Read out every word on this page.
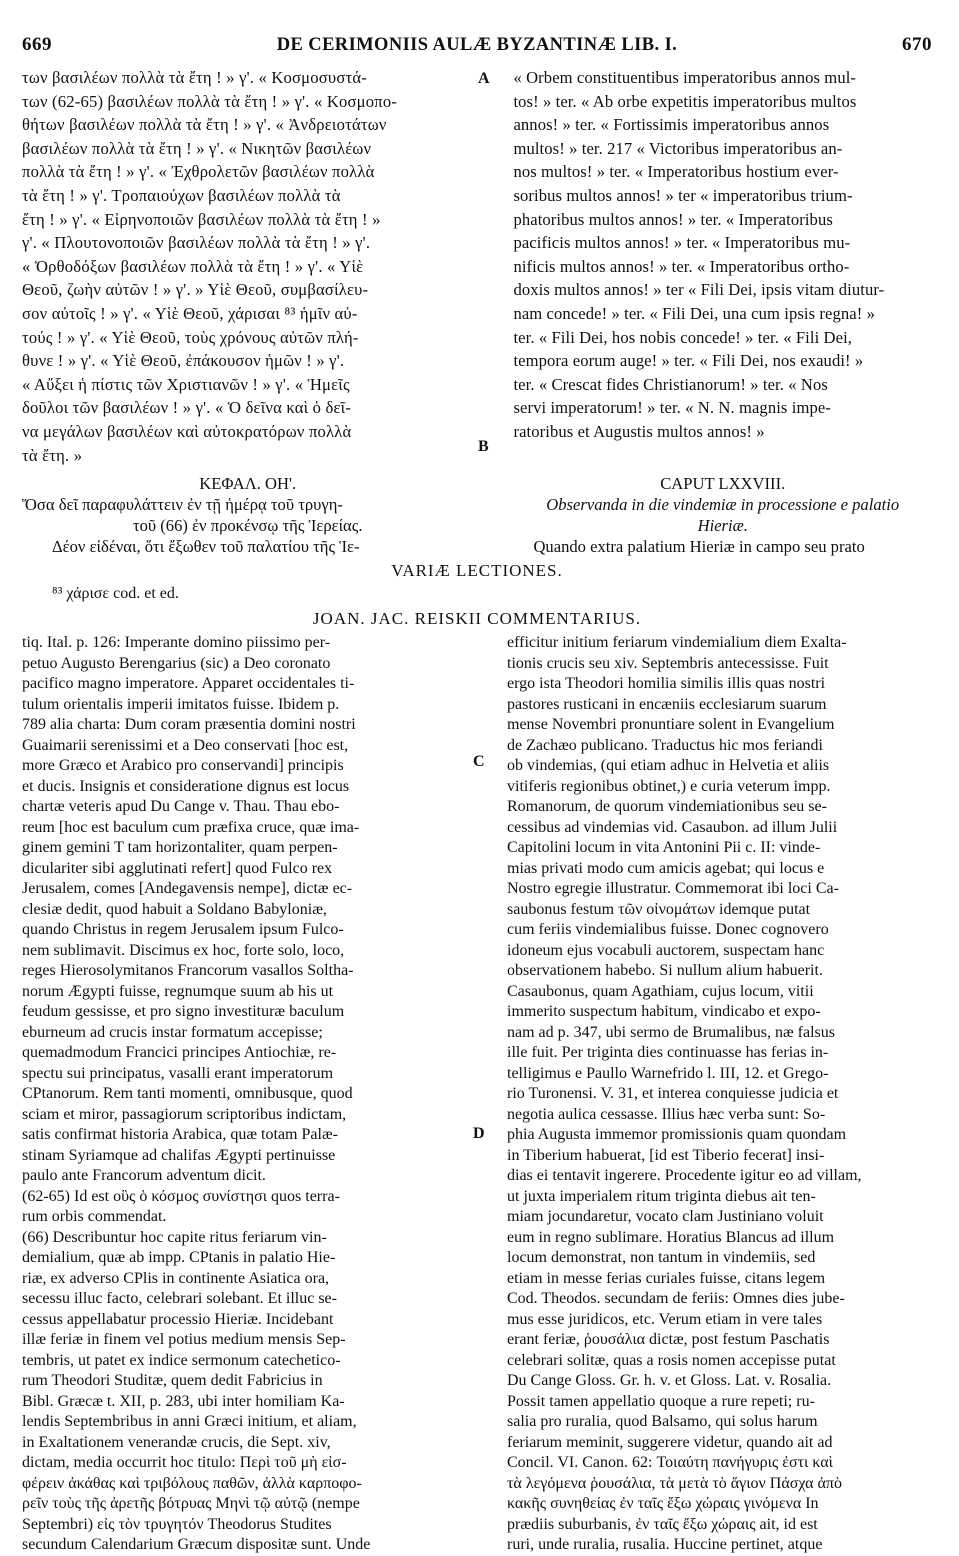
669	DE CERIMONIIS AULÆ BYZANTINÆ LIB. I.	670
των βασιλέων πολλὰ τὰ ἔτη ! » γ'. « Κοσμοσυστά-
των (62-65) βασιλέων πολλὰ τὰ ἔτη ! » γ'. « Κοσμοπο-
θήτων βασιλέων πολλὰ τὰ ἔτη ! » γ'. « Ἀνδρειοτάτων
βασιλέων πολλὰ τὰ ἔτη ! » γ'. « Νικητῶν βασιλέων
πολλὰ τὰ ἔτη ! » γ'. « Ἐχθρολετῶν βασιλέων πολλὰ
τὰ ἔτη ! » γ'. Τροπαιούχων βασιλέων πολλὰ τὰ
ἔτη ! » γ'. « Εἰρηνοποιῶν βασιλέων πολλὰ τὰ ἔτη ! »
γ'. « Πλουτονοποιῶν βασιλέων πολλὰ τὰ ἔτη ! » γ'.
« Ὀρθοδόξων βασιλέων πολλὰ τὰ ἔτη ! » γ'. « Υἱὲ
Θεοῦ, ζωὴν αὐτῶν ! » γ'. » Υἱὲ Θεοῦ, συμβασίλευ-
σον αὐτοῖς ! » γ'. « Υἱὲ Θεοῦ, χάρισαι ⁸³ ἡμῖν αὐ-
τούς ! » γ'. « Υἱὲ Θεοῦ, τοὺς χρόνους αὐτῶν πλή-
θυνε ! » γ'. « Υἱὲ Θεοῦ, ἐπάκουσον ἡμῶν ! » γ'.
« Αὔξει ἡ πίστις τῶν Χριστιανῶν ! » γ'. « Ἡμεῖς
δοῦλοι τῶν βασιλέων ! » γ'. « Ὁ δεῖνα καὶ ὁ δεῖ-
να μεγάλων βασιλέων καὶ αὐτοκρατόρων πολλὰ
τὰ ἔτη. »
« Orbem constituentibus imperatoribus annos mul-
tos! » ter. « Ab orbe expetitis imperatoribus multos
annos! » ter. « Fortissimis imperatoribus annos
multos! » ter. 217 « Victoribus imperatoribus an-
nos multos! » ter. « Imperatoribus hostium ever-
soribus multos annos! » ter « imperatoribus trium-
phatoribus multos annos! » ter. « Imperatoribus
pacificis multos annos! » ter. « Imperatoribus mu-
nificis multos annos! » ter. « Imperatoribus ortho-
doxis multos annos! » ter « Fili Dei, ipsis vitam diutur-
nam concede! » ter. « Fili Dei, una cum ipsis regna! »
ter. « Fili Dei, hos nobis concede! » ter. « Fili Dei,
tempora eorum auge! » ter. « Fili Dei, nos exaudi! »
ter. « Crescat fides Christianorum! » ter. « Nos
servi imperatorum! » ter. « N. N. magnis impe-
ratoribus et Augustis multos annos! »
A
B
ΚΕΦΑΛ. ΟΗ'.
Ὅσα δεῖ παραφυλάττειν ἐν τῇ ἡμέρᾳ τοῦ τρυγη-
τοῦ (66) ἐν προκένσῳ τῆς Ἱερείας.
Δέον εἰδέναι, ὅτι ἔξωθεν τοῦ παλατίου τῆς Ἱε-
CAPUT LXXVIII.
Observanda in die vindemiæ in processione e palatio
Hieriæ.
Quando extra palatium Hieriæ in campo seu prato
VARIÆ LECTIONES.
⁸³ χάρισε cod. et ed.
JOAN. JAC. REISKII COMMENTARIUS.
tiq. Ital. p. 126: Imperante domino piissimo per-
petuo Augusto Berengarius (sic) a Deo coronato
pacifico magno imperatore. Apparet occidentales ti-
tulum orientalis imperii imitatos fuisse. Ibidem p.
789 alia charta: Dum coram præsentia domini nostri
Guaimarii serenissimi et a Deo conservati [hoc est,
more Græco et Arabico pro conservandi] principis
et ducis. Insignis et consideratione dignus est locus
chartæ veteris apud Du Cange v. Thau. Thau ebo-
reum [hoc est baculum cum præfixa cruce, quæ ima-
ginem gemini T tam horizontaliter, quam perpen-
diculariter sibi agglutinati refert] quod Fulco rex
Jerusalem, comes [Andegavensis nempe], dictæ ec-
clesiæ dedit, quod habuit a Soldano Babyloniæ,
quando Christus in regem Jerusalem ipsum Fulco-
nem sublimavit. Discimus ex hoc, forte solo, loco,
reges Hierosolymitanos Francorum vasallos Soltha-
norum Ægypti fuisse, regnumque suum ab his ut
feudum gessisse, et pro signo investituræ baculum
eburneum ad crucis instar formatum accepisse;
quemadmodum Francici principes Antiochiæ, re-
spectu sui principatus, vasalli erant imperatorum
CPtanorum. Rem tanti momenti, omnibusque, quod
sciam et miror, passagiorum scriptoribus indictam,
satis confirmat historia Arabica, quæ totam Palæ-
stinam Syriamque ad chalifas Ægypti pertinuisse
paulo ante Francorum adventum dicit.
(62-65) Id est οὓς ὁ κόσμος συνίστησι quos terra-
rum orbis commendat.
(66) Describuntur hoc capite ritus feriarum vin-
demialium, quæ ab impp. CPtanis in palatio Hie-
riæ, ex adverso CPlis in continente Asiatica ora,
secessu illuc facto, celebrari solebant. Et illuc se-
cessus appellabatur processio Hieriæ. Incidebant
illæ feriæ in finem vel potius medium mensis Sep-
tembris, ut patet ex indice sermonum catechetico-
rum Theodori Studitæ, quem dedit Fabricius in
Bibl. Græcæ t. XII, p. 283, ubi inter homiliam Ka-
lendis Septembribus in anni Græci initium, et aliam,
in Exaltationem venerandæ crucis, die Sept. xiv,
dictam, media occurrit hoc titulo: Περὶ τοῦ μὴ εἰσ-
φέρειν ἀκάθας καὶ τριβόλους παθῶν, ἀλλὰ καρποφο-
ρεῖν τοὺς τῆς ἀρετῆς βότρυας Μηνὶ τῷ αὐτῷ (nempe
Septembri) εἰς τὸν τρυγητόν Theodorus Studites
secundum Calendarium Græcum dispositæ sunt. Unde
efficitur initium feriarum vindemialium diem Exalta-
tionis crucis seu xiv. Septembris antecessisse. Fuit
ergo ista Theodori homilia similis illis quas nostri
pastores rusticani in encæniis ecclesiarum suarum
mense Novembri pronuntiare solent in Evangelium
de Zachæo publicano. Traductus hic mos feriandi
ob vindemias, (qui etiam adhuc in Helvetia et aliis
vitiferis regionibus obtinet,) e curia veterum impp.
Romanorum, de quorum vindemiationibus seu se-
cessibus ad vindemias vid. Casaubon. ad illum Julii
Capitolini locum in vita Antonini Pii c. II: vinde-
mias privati modo cum amicis agebat; qui locus e
Nostro egregie illustratur. Commemorat ibi loci Ca-
saubonus festum τῶν οἰνομάτων idemque putat
cum feriis vindemialibus fuisse. Donec cognovero
idoneum ejus vocabuli auctorem, suspectam hanc
observationem habebo. Si nullum alium habuerit.
Casaubonus, quam Agathiam, cujus locum, vitii
immerito suspectum habitum, vindicabo et expo-
nam ad p. 347, ubi sermo de Brumalibus, næ falsus
ille fuit. Per triginta dies continuasse has ferias in-
telligimus e Paullo Warnefrido l. III, 12. et Grego-
rio Turonensi. V. 31, et interea conquiesse judicia et
negotia aulica cessasse. Illius hæc verba sunt: So-
phia Augusta immemor promissionis quam quondam
in Tiberium habuerat, [id est Tiberio fecerat] insi-
dias ei tentavit ingerere. Procedente igitur eo ad villam,
ut juxta imperialem ritum triginta diebus ait ten-
miam jocundaretur, vocato clam Justiniano voluit
eum in regno sublimare. Horatius Blancus ad illum
locum demonstrat, non tantum in vindemiis, sed
etiam in messe ferias curiales fuisse, citans legem
Cod. Theodos. secundam de feriis: Omnes dies jube-
mus esse juridicos, etc. Verum etiam in vere tales
erant feriæ, ῥουσάλια dictæ, post festum Paschatis
celebrari solitæ, quas a rosis nomen accepisse putat
Du Cange Gloss. Gr. h. v. et Gloss. Lat. v. Rosalia.
Possit tamen appellatio quoque a rure repeti; ru-
salia pro ruralia, quod Balsamo, qui solus harum
feriarum meminit, suggerere videtur, quando ait ad
Concil. VI. Canon. 62: Τοιαύτη πανήγυρις ἐστι καὶ
τὰ λεγόμενα ῥουσάλια, τὰ μετὰ τὸ ἅγιον Πάσχα ἀπὸ
κακῆς συνηθείας ἐν ταῖς ἔξω χώραις γινόμενα In
prædiis suburbanis, ἐν ταῖς ἔξω χώραις ait, id est
ruri, unde ruralia, rusalia. Huccine pertinet, atque
C
D
